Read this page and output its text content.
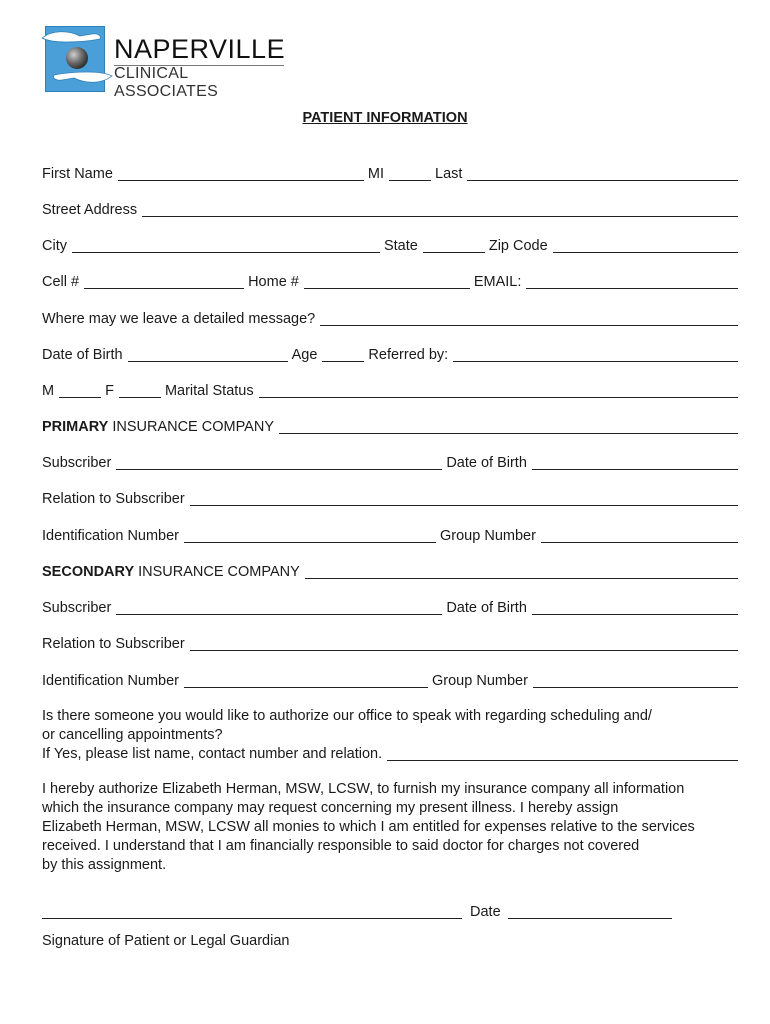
NAPERVILLE
CLINICAL ASSOCIATES
PATIENT INFORMATION
First Name	MI	Last
Street Address
City	State	Zip Code
Cell #	Home #	EMAIL:
Where may we leave a detailed message?
Date of Birth	Age	Referred by:
M	F	Marital Status
PRIMARY INSURANCE COMPANY
Subscriber	Date of Birth
Relation to Subscriber
Identification Number	Group Number
SECONDARY INSURANCE COMPANY
Subscriber	Date of Birth
Relation to Subscriber
Identification Number	Group Number
Is there someone you would like to authorize our office to speak with regarding scheduling and/
or cancelling appointments?
If Yes, please list name, contact number and relation.
I hereby authorize Elizabeth Herman, MSW, LCSW, to furnish my insurance company all information
which the insurance company may request concerning my present illness. I hereby assign
Elizabeth Herman, MSW, LCSW all monies to which I am entitled for expenses relative to the services
received. I understand that I am financially responsible to said doctor for charges not covered
by this assignment.
Date
Signature of Patient or Legal Guardian
